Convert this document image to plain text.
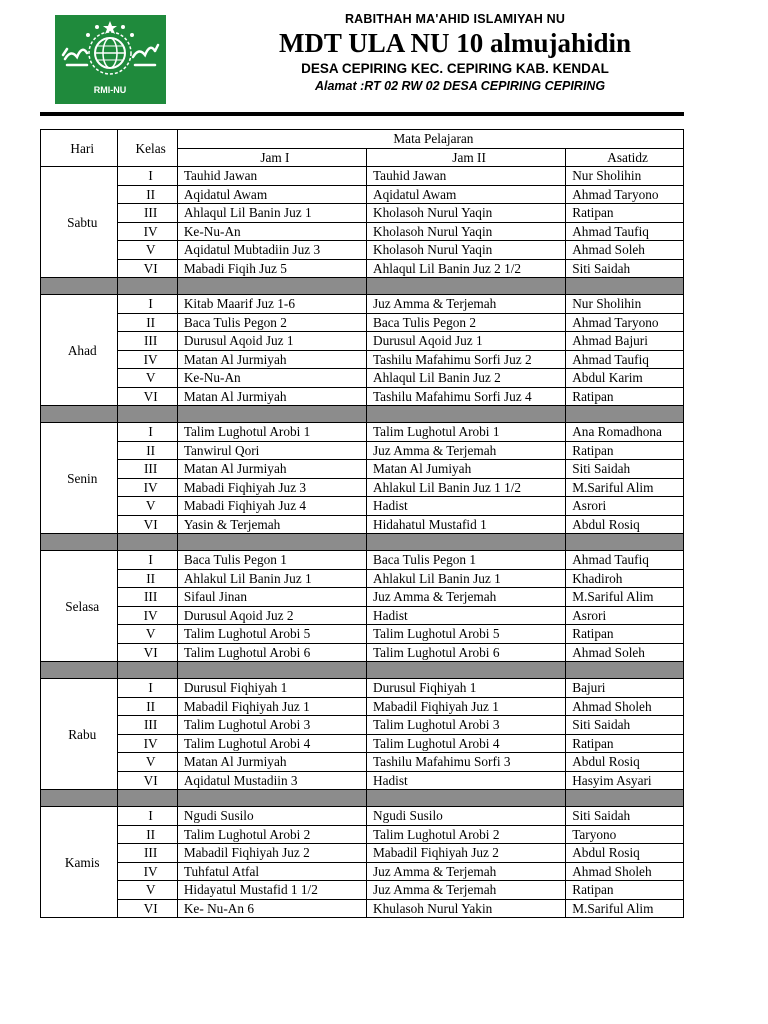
RMI-NU
RABITHAH MA'AHID ISLAMIYAH NU
MDT ULA NU 10 almujahidin
DESA CEPIRING KEC. CEPIRING KAB. KENDAL
Alamat :RT 02 RW 02 DESA CEPIRING CEPIRING
Hari	Kelas	Mata Pelajaran		
		Jam I	Jam II	Asatidz
Sabtu	I	Tauhid Jawan	Tauhid Jawan	Nur Sholihin
	II	Aqidatul Awam	Aqidatul Awam	Ahmad Taryono
	III	Ahlaqul Lil Banin Juz 1	Kholasoh Nurul Yaqin	Ratipan
	IV	Ke-Nu-An	Kholasoh Nurul Yaqin	Ahmad Taufiq
	V	Aqidatul Mubtadiin Juz 3	Kholasoh Nurul Yaqin	Ahmad Soleh
	VI	Mabadi Fiqih Juz 5	Ahlaqul Lil Banin Juz 2 1/2	Siti Saidah

Ahad	I	Kitab Maarif Juz 1-6	Juz Amma & Terjemah	Nur Sholihin
	II	Baca Tulis Pegon 2	Baca Tulis Pegon 2	Ahmad Taryono
	III	Durusul Aqoid Juz 1	Durusul Aqoid Juz 1	Ahmad Bajuri
	IV	Matan Al Jurmiyah	Tashilu Mafahimu Sorfi Juz 2	Ahmad Taufiq
	V	Ke-Nu-An	Ahlaqul Lil Banin Juz 2	Abdul Karim
	VI	Matan Al Jurmiyah	Tashilu Mafahimu Sorfi Juz 4	Ratipan

Senin	I	Talim Lughotul Arobi 1	Talim Lughotul Arobi 1	Ana Romadhona
	II	Tanwirul Qori	Juz Amma & Terjemah	Ratipan
	III	Matan Al Jurmiyah	Matan Al Jumiyah	Siti Saidah
	IV	Mabadi Fiqhiyah Juz 3	Ahlakul Lil Banin Juz 1 1/2	M.Sariful Alim
	V	Mabadi Fiqhiyah Juz 4	Hadist	Asrori
	VI	Yasin & Terjemah	Hidahatul Mustafid 1	Abdul Rosiq

Selasa	I	Baca Tulis Pegon 1	Baca Tulis Pegon 1	Ahmad Taufiq
	II	Ahlakul Lil Banin Juz 1	Ahlakul Lil Banin Juz 1	Khadiroh
	III	Sifaul Jinan	Juz Amma & Terjemah	M.Sariful Alim
	IV	Durusul Aqoid Juz 2	Hadist	Asrori
	V	Talim Lughotul Arobi 5	Talim Lughotul Arobi 5	Ratipan
	VI	Talim Lughotul Arobi 6	Talim Lughotul Arobi 6	Ahmad Soleh

Rabu	I	Durusul Fiqhiyah 1	Durusul Fiqhiyah 1	Bajuri
	II	Mabadil Fiqhiyah Juz 1	Mabadil Fiqhiyah Juz 1	Ahmad Sholeh
	III	Talim Lughotul Arobi 3	Talim Lughotul Arobi 3	Siti Saidah
	IV	Talim Lughotul Arobi 4	Talim Lughotul Arobi 4	Ratipan
	V	Matan Al Jurmiyah	Tashilu Mafahimu Sorfi 3	Abdul Rosiq
	VI	Aqidatul Mustadiin 3	Hadist	Hasyim Asyari

Kamis	I	Ngudi Susilo	Ngudi Susilo	Siti Saidah
	II	Talim Lughotul Arobi 2	Talim Lughotul Arobi 2	Taryono
	III	Mabadil Fiqhiyah Juz 2	Mabadil Fiqhiyah Juz 2	Abdul Rosiq
	IV	Tuhfatul Atfal	Juz Amma & Terjemah	Ahmad Sholeh
	V	Hidayatul Mustafid 1 1/2	Juz Amma & Terjemah	Ratipan
	VI	Ke- Nu-An 6	Khulasoh Nurul Yakin	M.Sariful Alim
